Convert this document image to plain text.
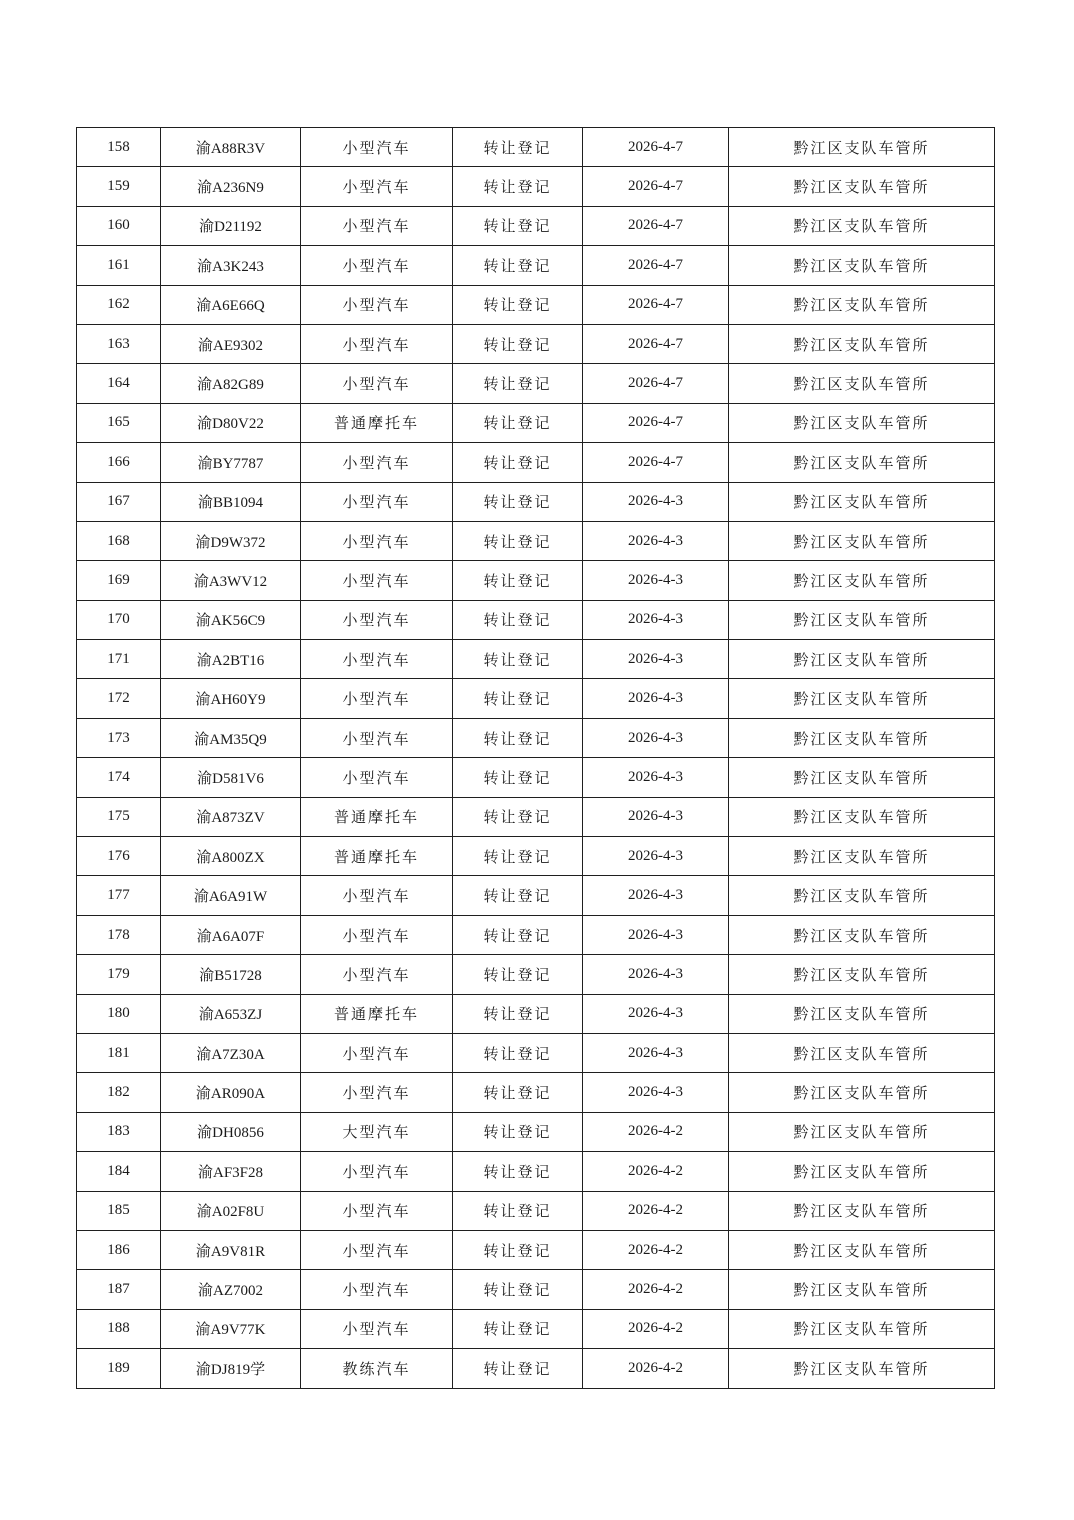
158	渝A88R3V	小型汽车	转让登记	2026-4-7	黔江区支队车管所
159	渝A236N9	小型汽车	转让登记	2026-4-7	黔江区支队车管所
160	渝D21192	小型汽车	转让登记	2026-4-7	黔江区支队车管所
161	渝A3K243	小型汽车	转让登记	2026-4-7	黔江区支队车管所
162	渝A6E66Q	小型汽车	转让登记	2026-4-7	黔江区支队车管所
163	渝AE9302	小型汽车	转让登记	2026-4-7	黔江区支队车管所
164	渝A82G89	小型汽车	转让登记	2026-4-7	黔江区支队车管所
165	渝D80V22	普通摩托车	转让登记	2026-4-7	黔江区支队车管所
166	渝BY7787	小型汽车	转让登记	2026-4-7	黔江区支队车管所
167	渝BB1094	小型汽车	转让登记	2026-4-3	黔江区支队车管所
168	渝D9W372	小型汽车	转让登记	2026-4-3	黔江区支队车管所
169	渝A3WV12	小型汽车	转让登记	2026-4-3	黔江区支队车管所
170	渝AK56C9	小型汽车	转让登记	2026-4-3	黔江区支队车管所
171	渝A2BT16	小型汽车	转让登记	2026-4-3	黔江区支队车管所
172	渝AH60Y9	小型汽车	转让登记	2026-4-3	黔江区支队车管所
173	渝AM35Q9	小型汽车	转让登记	2026-4-3	黔江区支队车管所
174	渝D581V6	小型汽车	转让登记	2026-4-3	黔江区支队车管所
175	渝A873ZV	普通摩托车	转让登记	2026-4-3	黔江区支队车管所
176	渝A800ZX	普通摩托车	转让登记	2026-4-3	黔江区支队车管所
177	渝A6A91W	小型汽车	转让登记	2026-4-3	黔江区支队车管所
178	渝A6A07F	小型汽车	转让登记	2026-4-3	黔江区支队车管所
179	渝B51728	小型汽车	转让登记	2026-4-3	黔江区支队车管所
180	渝A653ZJ	普通摩托车	转让登记	2026-4-3	黔江区支队车管所
181	渝A7Z30A	小型汽车	转让登记	2026-4-3	黔江区支队车管所
182	渝AR090A	小型汽车	转让登记	2026-4-3	黔江区支队车管所
183	渝DH0856	大型汽车	转让登记	2026-4-2	黔江区支队车管所
184	渝AF3F28	小型汽车	转让登记	2026-4-2	黔江区支队车管所
185	渝A02F8U	小型汽车	转让登记	2026-4-2	黔江区支队车管所
186	渝A9V81R	小型汽车	转让登记	2026-4-2	黔江区支队车管所
187	渝AZ7002	小型汽车	转让登记	2026-4-2	黔江区支队车管所
188	渝A9V77K	小型汽车	转让登记	2026-4-2	黔江区支队车管所
189	渝DJ819学	教练汽车	转让登记	2026-4-2	黔江区支队车管所
